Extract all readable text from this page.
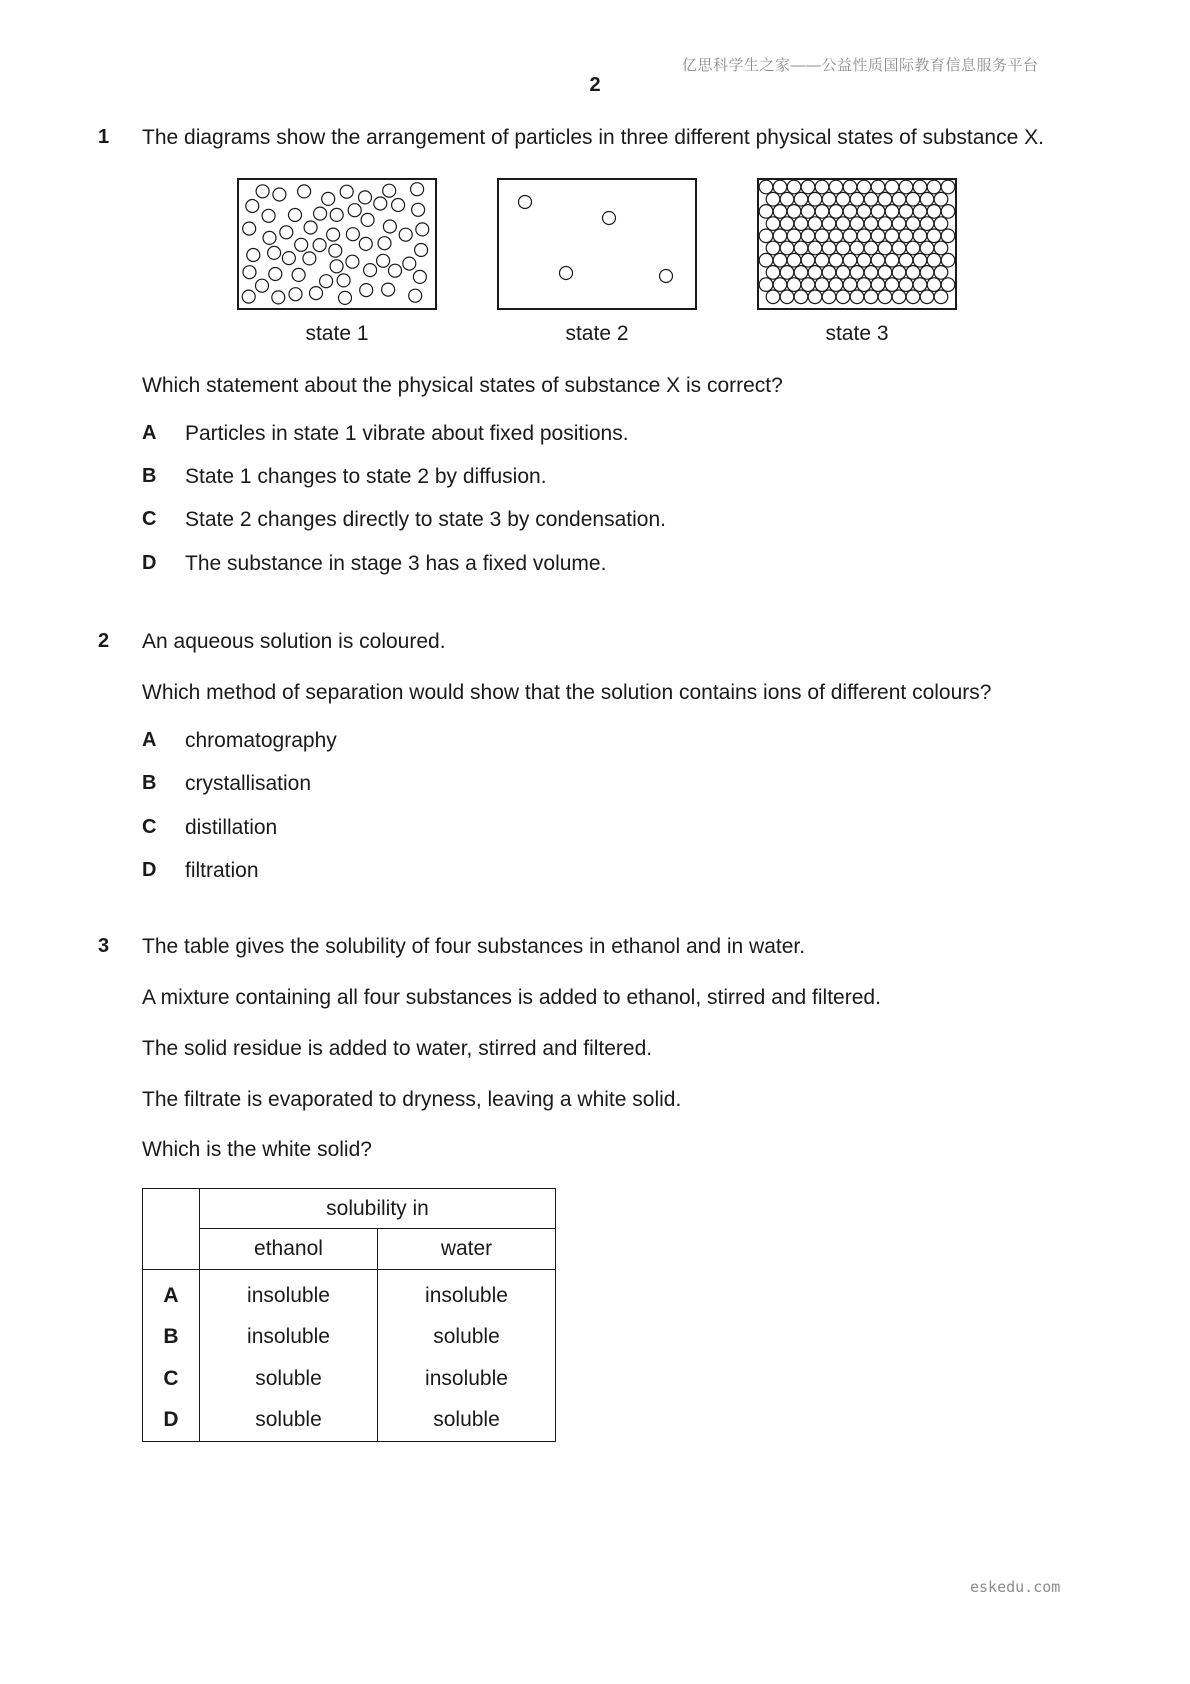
亿思科学生之家——公益性质国际教育信息服务平台
2
1 The diagrams show the arrangement of particles in three different physical states of substance X.
state 1	state 2	state 3
Which statement about the physical states of substance X is correct?
A Particles in state 1 vibrate about fixed positions.
B State 1 changes to state 2 by diffusion.
C State 2 changes directly to state 3 by condensation.
D The substance in stage 3 has a fixed volume.
2 An aqueous solution is coloured.
Which method of separation would show that the solution contains ions of different colours?
A chromatography
B crystallisation
C distillation
D filtration
3 The table gives the solubility of four substances in ethanol and in water.
A mixture containing all four substances is added to ethanol, stirred and filtered.
The solid residue is added to water, stirred and filtered.
The filtrate is evaporated to dryness, leaving a white solid.
Which is the white solid?
	solubility in	
	ethanol	water
A	insoluble	insoluble
B	insoluble	soluble
C	soluble	insoluble
D	soluble	soluble
eskedu.com
